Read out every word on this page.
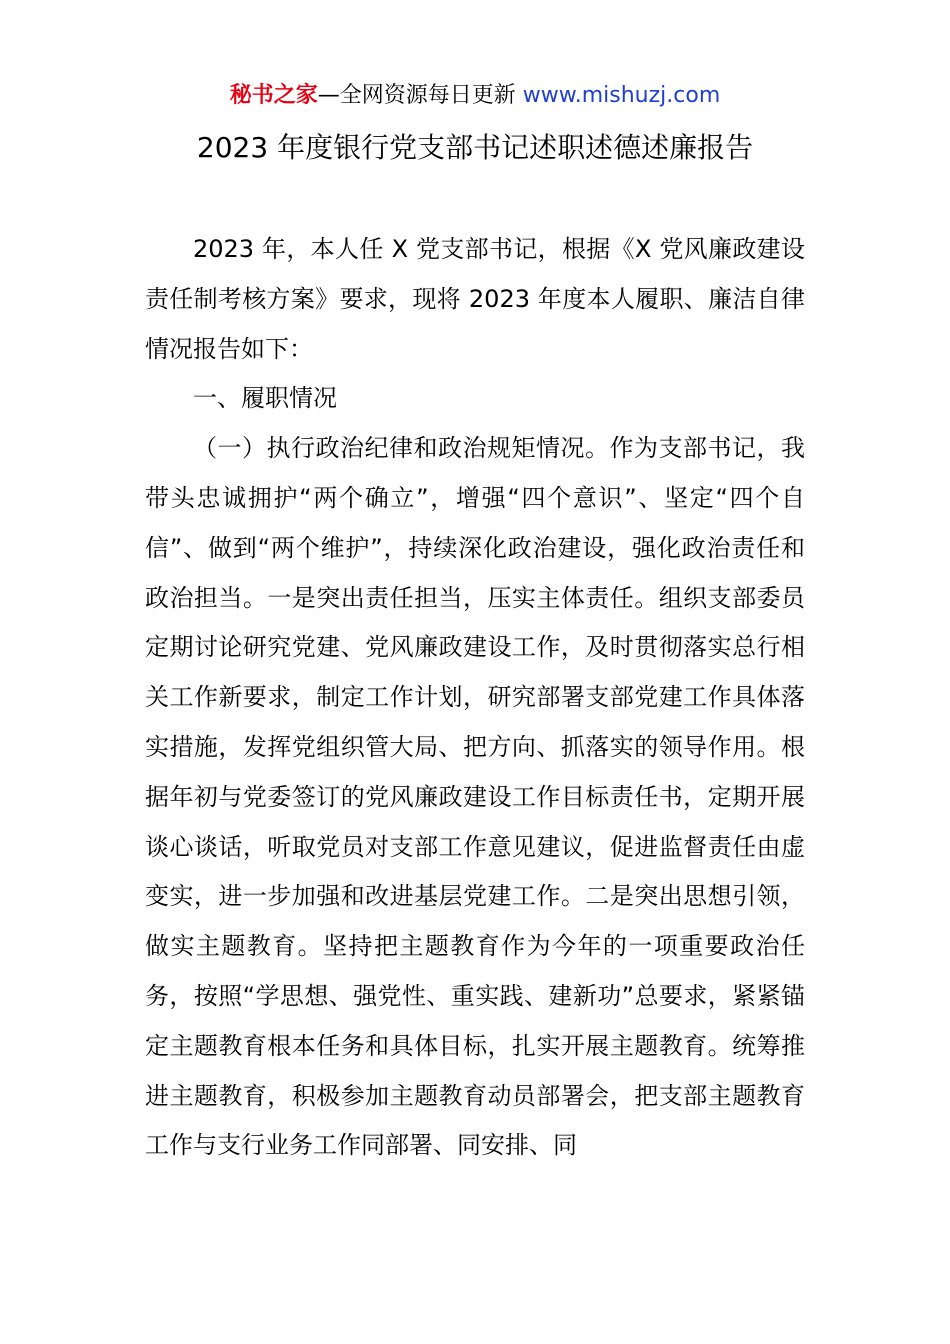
秘书之家—全网资源每日更新 www.mishuzj.com
2023 年度银行党支部书记述职述德述廉报告

2023 年，本人任 X 党支部书记，根据《X 党风廉政建设责任制考核方案》要求，现将 2023 年度本人履职、廉洁自律情况报告如下：

一、履职情况

（一）执行政治纪律和政治规矩情况。作为支部书记，我带头忠诚拥护“两个确立”，增强“四个意识”、坚定“四个自信”、做到“两个维护”，持续深化政治建设，强化政治责任和政治担当。一是突出责任担当，压实主体责任。组织支部委员定期讨论研究党建、党风廉政建设工作，及时贯彻落实总行相关工作新要求，制定工作计划，研究部署支部党建工作具体落实措施，发挥党组织管大局、把方向、抓落实的领导作用。根据年初与党委签订的党风廉政建设工作目标责任书，定期开展谈心谈话，听取党员对支部工作意见建议，促进监督责任由虚变实，进一步加强和改进基层党建工作。二是突出思想引领，做实主题教育。坚持把主题教育作为今年的一项重要政治任务，按照“学思想、强党性、重实践、建新功”总要求，紧紧锚定主题教育根本任务和具体目标，扎实开展主题教育。统筹推进主题教育，积极参加主题教育动员部署会，把支部主题教育工作与支行业务工作同部署、同安排、同
